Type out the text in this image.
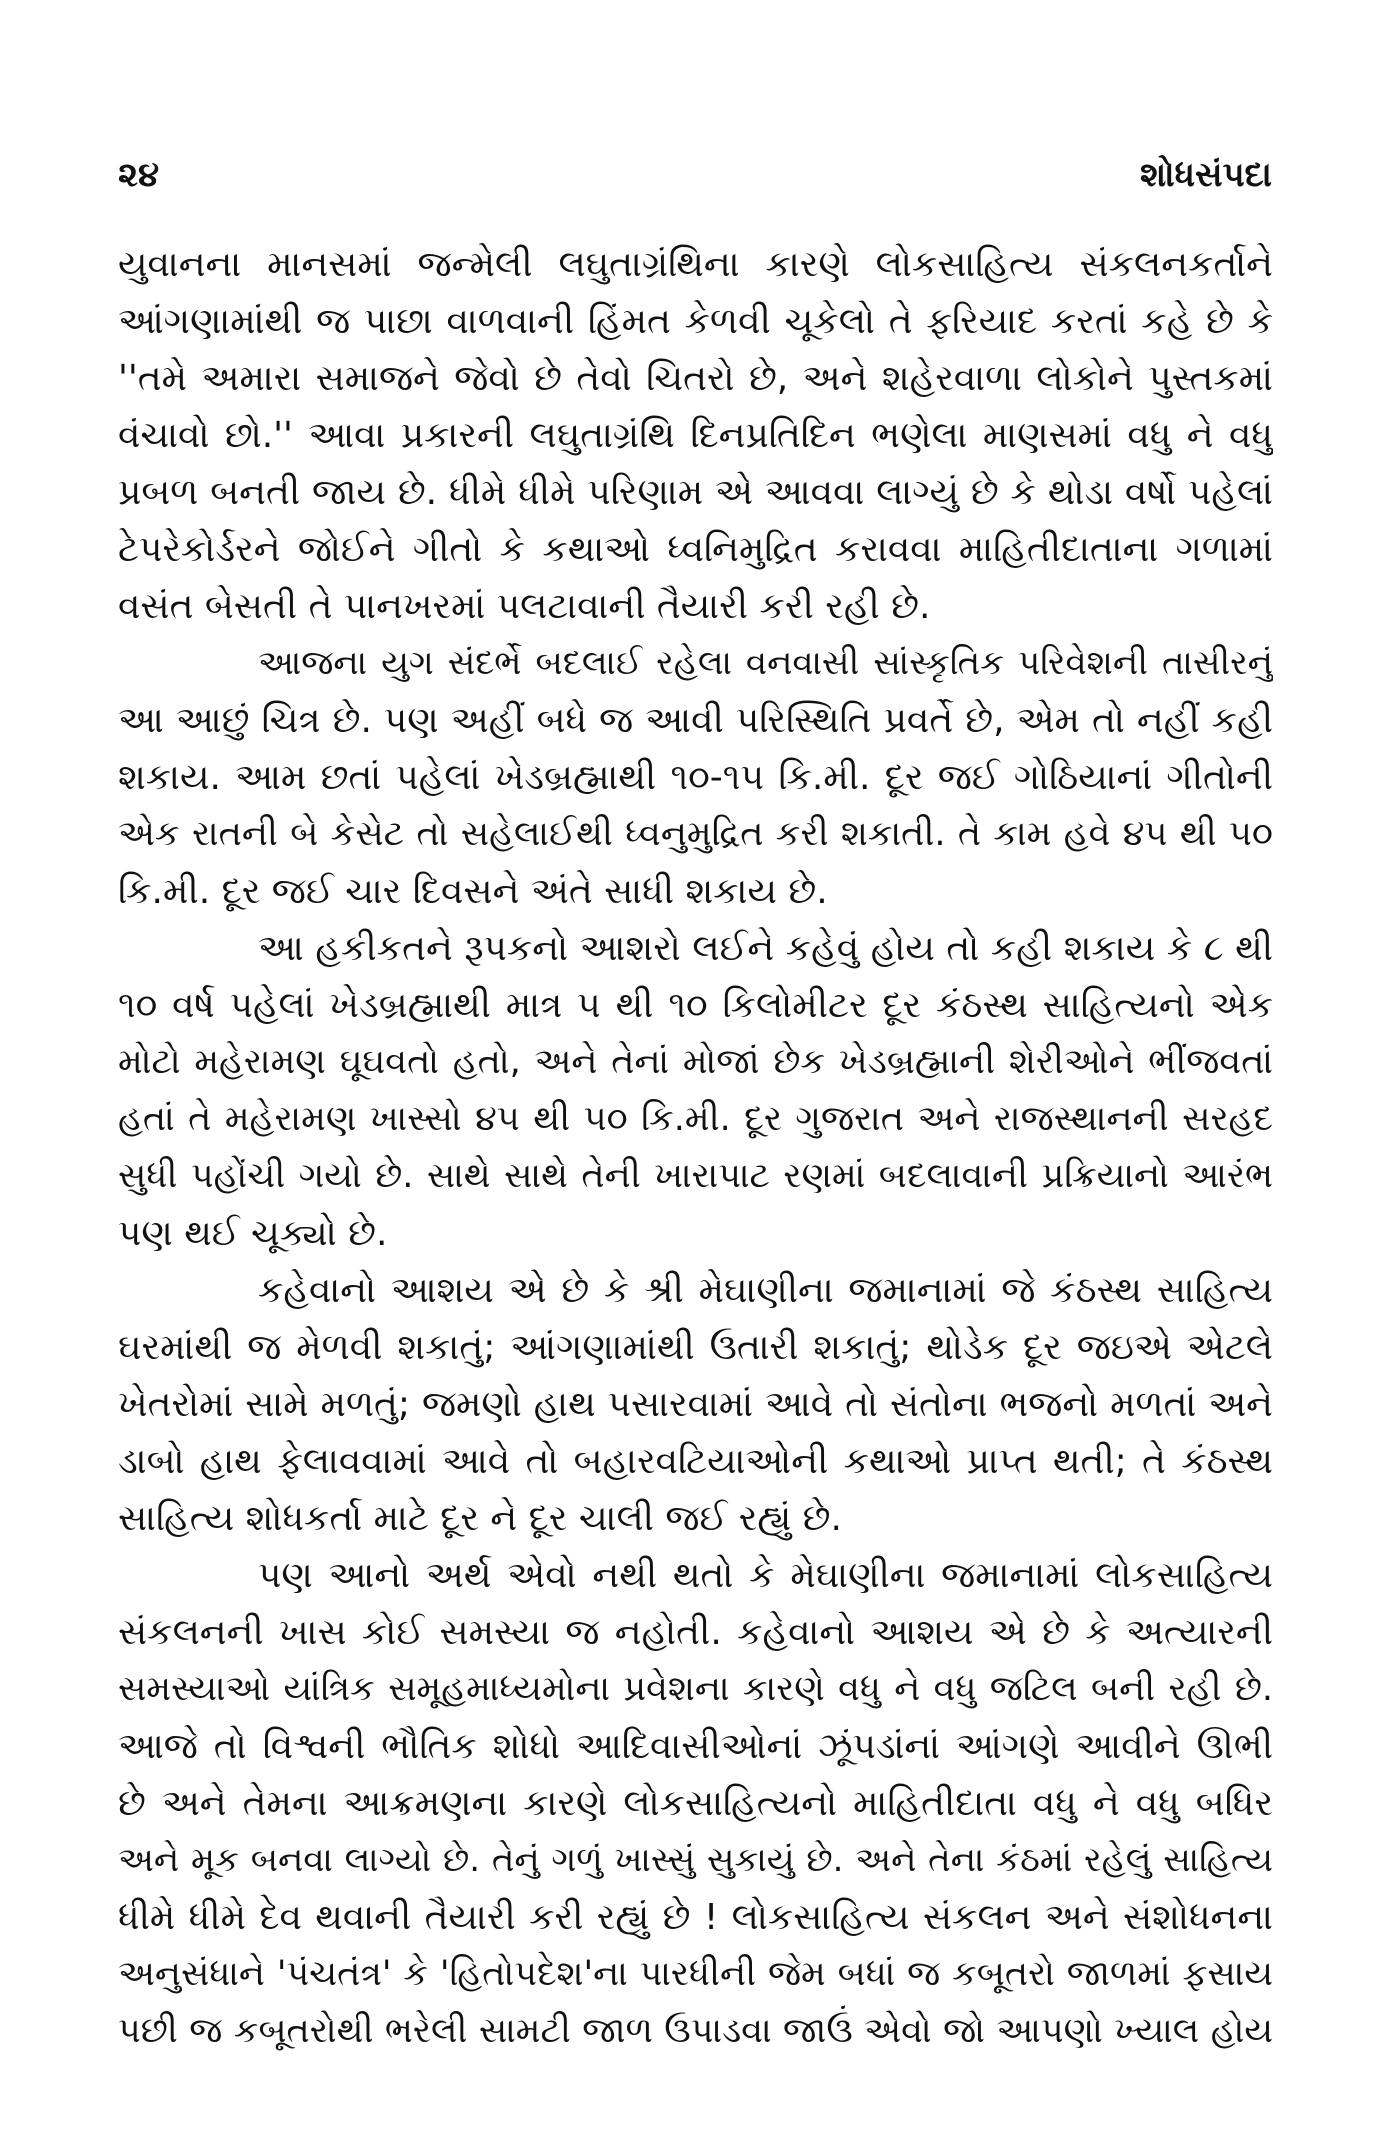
૨૪	શોધસંપદા
યુવાનના માનસમાં જન્મેલી લઘુતાગ્રંથિના કારણે લોકસાહિત્ય સંકલનકર્તાને
આંગણામાંથી જ પાછા વાળવાની હિંમત કેળવી ચૂકેલો તે ફરિયાદ કરતાં કહે છે કે
''તમે અમારા સમાજને જેવો છે તેવો ચિતરો છે, અને શહેરવાળા લોકોને પુસ્તકમાં
વંચાવો છો.'' આવા પ્રકારની લઘુતાગ્રંથિ દિનપ્રતિદિન ભણેલા માણસમાં વધુ ને વધુ
પ્રબળ બનતી જાય છે. ધીમે ધીમે પરિણામ એ આવવા લાગ્યું છે કે થોડા વર્ષો પહેલાં
ટેપરેકોર્ડરને જોઈને ગીતો કે કથાઓ ધ્વનિમુદ્રિત કરાવવા માહિતીદાતાના ગળામાં
વસંત બેસતી તે પાનખરમાં પલટાવાની તૈયારી કરી રહી છે.
આજના યુગ સંદર્ભે બદલાઈ રહેલા વનવાસી સાંસ્કૃતિક પરિવેશની તાસીરનું
આ આછું ચિત્ર છે. પણ અહીં બધે જ આવી પરિસ્થિતિ પ્રવર્તે છે, એમ તો નહીં કહી
શકાય. આમ છતાં પહેલાં ખેડબ્રહ્માથી ૧૦-૧૫ કિ.મી. દૂર જઈ ગોઠિયાનાં ગીતોની
એક રાતની બે કેસેટ તો સહેલાઈથી ધ્વનુમુદ્રિત કરી શકાતી. તે કામ હવે ૪૫ થી ૫૦
કિ.મી. દૂર જઈ ચાર દિવસને અંતે સાધી શકાય છે.
આ હકીકતને રૂપકનો આશરો લઈને કહેવું હોય તો કહી શકાય કે ૮ થી
૧૦ વર્ષ પહેલાં ખેડબ્રહ્માથી માત્ર ૫ થી ૧૦ કિલોમીટર દૂર કંઠસ્થ સાહિત્યનો એક
મોટો મહેરામણ ઘૂઘવતો હતો, અને તેનાં મોજાં છેક ખેડબ્રહ્માની શેરીઓને ભીંજવતાં
હતાં તે મહેરામણ ખાસ્સો ૪૫ થી ૫૦ કિ.મી. દૂર ગુજરાત અને રાજસ્થાનની સરહદ
સુધી પહોંચી ગયો છે. સાથે સાથે તેની ખારાપાટ રણમાં બદલાવાની પ્રક્રિયાનો આરંભ
પણ થઈ ચૂક્યો છે.
કહેવાનો આશય એ છે કે શ્રી મેઘાણીના જમાનામાં જે કંઠસ્થ સાહિત્ય
ઘરમાંથી જ મેળવી શકાતું; આંગણામાંથી ઉતારી શકાતું; થોડેક દૂર જઇએ એટલે
ખેતરોમાં સામે મળતું; જમણો હાથ પસારવામાં આવે તો સંતોના ભજનો મળતાં અને
ડાબો હાથ ફેલાવવામાં આવે તો બહારવટિયાઓની કથાઓ પ્રાપ્ત થતી; તે કંઠસ્થ
સાહિત્ય શોધકર્તા માટે દૂર ને દૂર ચાલી જઈ રહ્યું છે.
પણ આનો અર્થ એવો નથી થતો કે મેઘાણીના જમાનામાં લોકસાહિત્ય
સંકલનની ખાસ કોઈ સમસ્યા જ નહોતી. કહેવાનો આશય એ છે કે અત્યારની
સમસ્યાઓ યાંત્રિક સમૂહમાધ્યમોના પ્રવેશના કારણે વધુ ને વધુ જટિલ બની રહી છે.
આજે તો વિશ્વની ભૌતિક શોધો આદિવાસીઓનાં ઝૂંપડાંનાં આંગણે આવીને ઊભી
છે અને તેમના આક્રમણના કારણે લોકસાહિત્યનો માહિતીદાતા વધુ ને વધુ બધિર
અને મૂક બનવા લાગ્યો છે. તેનું ગળું ખાસ્સું સુકાયું છે. અને તેના કંઠમાં રહેલું સાહિત્ય
ધીમે ધીમે દેવ થવાની તૈયારી કરી રહ્યું છે ! લોકસાહિત્ય સંકલન અને સંશોધનના
અનુસંધાને 'પંચતંત્ર' કે 'હિતોપદેશ'ના પારધીની જેમ બધાં જ કબૂતરો જાળમાં ફસાય
પછી જ કબૂતરોથી ભરેલી સામટી જાળ ઉપાડવા જાઉં એવો જો આપણો ખ્યાલ હોય
